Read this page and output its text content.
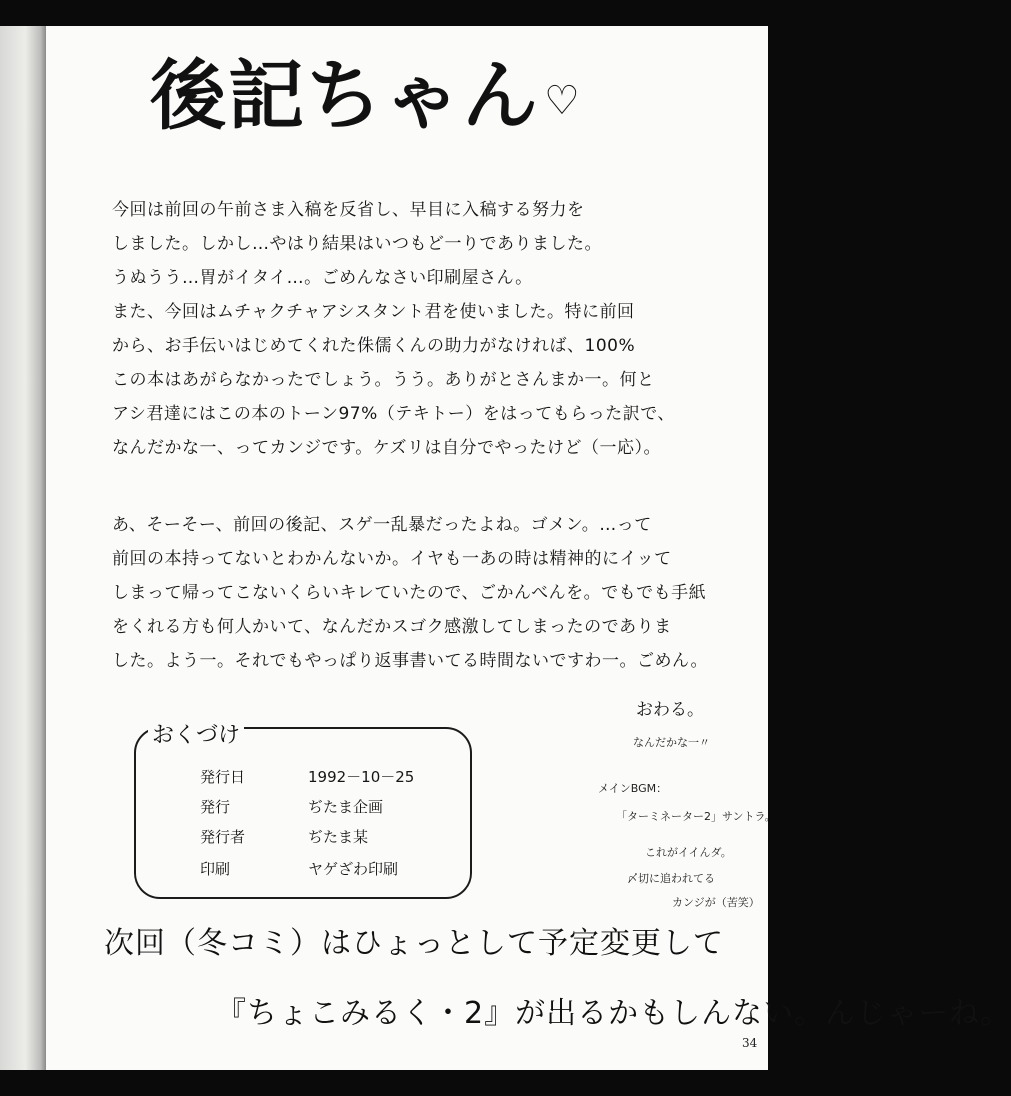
後記ちゃん ♡
今回は前回の午前さま入稿を反省し、早目に入稿する努力を
しました。しかし…やはり結果はいつもど一りでありました。
うぬうう…胃がイタイ…。ごめんなさい印刷屋さん。
また、今回はムチャクチャアシスタント君を使いました。特に前回
から、お手伝いはじめてくれた侏儒くんの助力がなければ、100%
この本はあがらなかったでしょう。うう。ありがとさんまか一。何と
アシ君達にはこの本のトーン97%（テキトー）をはってもらった訳で、
なんだかな一、ってカンジです。ケズリは自分でやったけど（一応）。
あ、そーそー、前回の後記、スゲ一乱暴だったよね。ゴメン。…って
前回の本持ってないとわかんないか。イヤも一あの時は精神的にイッて
しまって帰ってこないくらいキレていたので、ごかんべんを。でもでも手紙
をくれる方も何人かいて、なんだかスゴク感激してしまったのでありま
した。よう一。それでもやっぱり返事書いてる時間ないですわ一。ごめん。
おわる。
なんだかな一〃
おくづけ
発行日	1992－10－25
発行	ぢたま企画
発行者	ぢたま某
印刷	ヤゲざわ印刷
メインBGM：
「ターミネーター2」サントラ。
これがイイんダ。
〆切に追われてる
カンジが（苦笑）
次回（冬コミ）はひょっとして予定変更して
『ちょこみるく・2』が出るかもしんない。んじゃーね。
34
